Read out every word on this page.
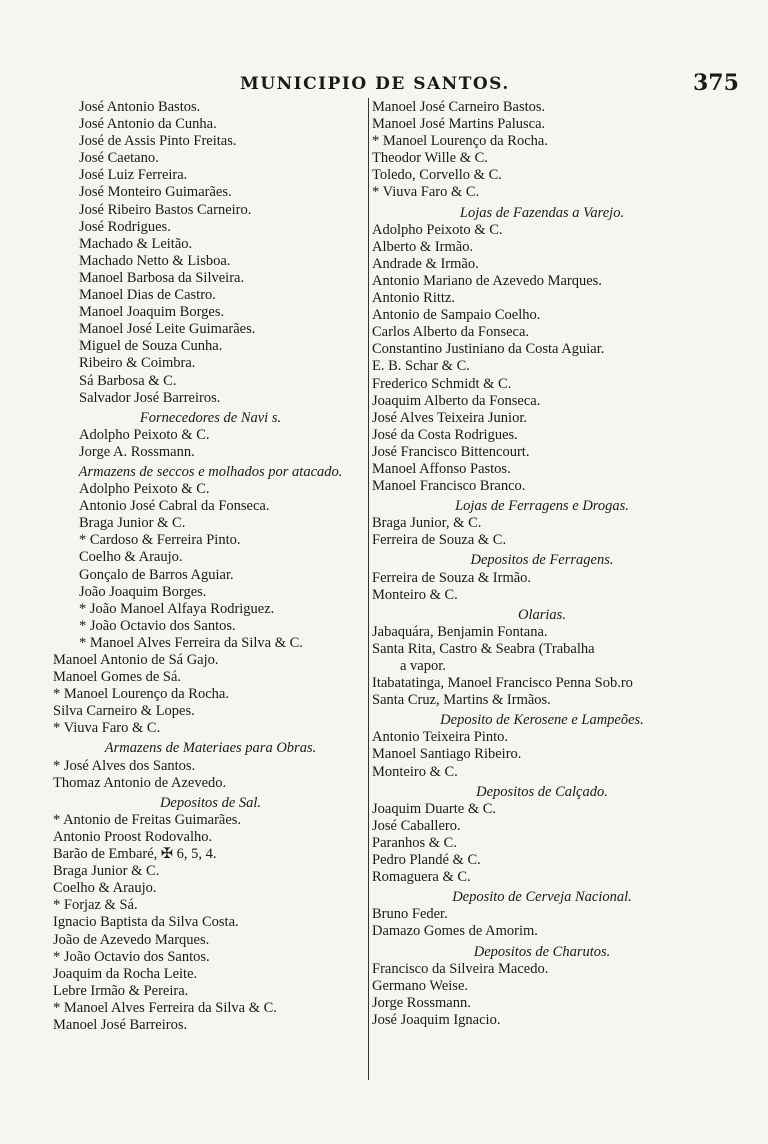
MUNICIPIO DE SANTOS.	375
José Antonio Bastos.
José Antonio da Cunha.
José de Assis Pinto Freitas.
José Caetano.
José Luiz Ferreira.
José Monteiro Guimarães.
José Ribeiro Bastos Carneiro.
José Rodrigues.
Machado & Leitão.
Machado Netto & Lisboa.
Manoel Barbosa da Silveira.
Manoel Dias de Castro.
Manoel Joaquim Borges.
Manoel José Leite Guimarães.
Miguel de Souza Cunha.
Ribeiro & Coimbra.
Sá Barbosa & C.
Salvador José Barreiros.
Fornecedores de Navi s.
Adolpho Peixoto & C.
Jorge A. Rossmann.
Armazens de seccos e molhados por atacado.
Adolpho Peixoto & C.
Antonio José Cabral da Fonseca.
Braga Junior & C.
* Cardoso & Ferreira Pinto.
Coelho & Araujo.
Gonçalo de Barros Aguiar.
João Joaquim Borges.
* João Manoel Alfaya Rodriguez.
* João Octavio dos Santos.
* Manoel Alves Ferreira da Silva & C.
Manoel Antonio de Sá Gajo.
Manoel Gomes de Sá.
* Manoel Lourenço da Rocha.
Silva Carneiro & Lopes.
* Viuva Faro & C.
Armazens de Materiaes para Obras.
* José Alves dos Santos.
Thomaz Antonio de Azevedo.
Depositos de Sal.
* Antonio de Freitas Guimarães.
Antonio Proost Rodovalho.
Barão de Embaré, ✠ 6, 5, 4.
Braga Junior & C.
Coelho & Araujo.
* Forjaz & Sá.
Ignacio Baptista da Silva Costa.
João de Azevedo Marques.
* João Octavio dos Santos.
Joaquim da Rocha Leite.
Lebre Irmão & Pereira.
* Manoel Alves Ferreira da Silva & C.
Manoel José Barreiros.
Manoel José Carneiro Bastos.
Manoel José Martins Palusca.
* Manoel Lourenço da Rocha.
Theodor Wille & C.
Toledo, Corvello & C.
* Viuva Faro & C.
Lojas de Fazendas a Varejo.
Adolpho Peixoto & C.
Alberto & Irmão.
Andrade & Irmão.
Antonio Mariano de Azevedo Marques.
Antonio Rittz.
Antonio de Sampaio Coelho.
Carlos Alberto da Fonseca.
Constantino Justiniano da Costa Aguiar.
E. B. Schar & C.
Frederico Schmidt & C.
Joaquim Alberto da Fonseca.
José Alves Teixeira Junior.
José da Costa Rodrigues.
José Francisco Bittencourt.
Manoel Affonso Pastos.
Manoel Francisco Branco.
Lojas de Ferragens e Drogas.
Braga Junior, & C.
Ferreira de Souza & C.
Depositos de Ferragens.
Ferreira de Souza & Irmão.
Monteiro & C.
Olarias.
Jabaquára, Benjamin Fontana.
Santa Rita, Castro & Seabra (Trabalha
a vapor.
Itabatatinga, Manoel Francisco Penna Sob.ro
Santa Cruz, Martins & Irmãos.
Deposito de Kerosene e Lampeões.
Antonio Teixeira Pinto.
Manoel Santiago Ribeiro.
Monteiro & C.
Depositos de Calçado.
Joaquim Duarte & C.
José Caballero.
Paranhos & C.
Pedro Plandé & C.
Romaguera & C.
Deposito de Cerveja Nacional.
Bruno Feder.
Damazo Gomes de Amorim.
Depositos de Charutos.
Francisco da Silveira Macedo.
Germano Weise.
Jorge Rossmann.
José Joaquim Ignacio.
